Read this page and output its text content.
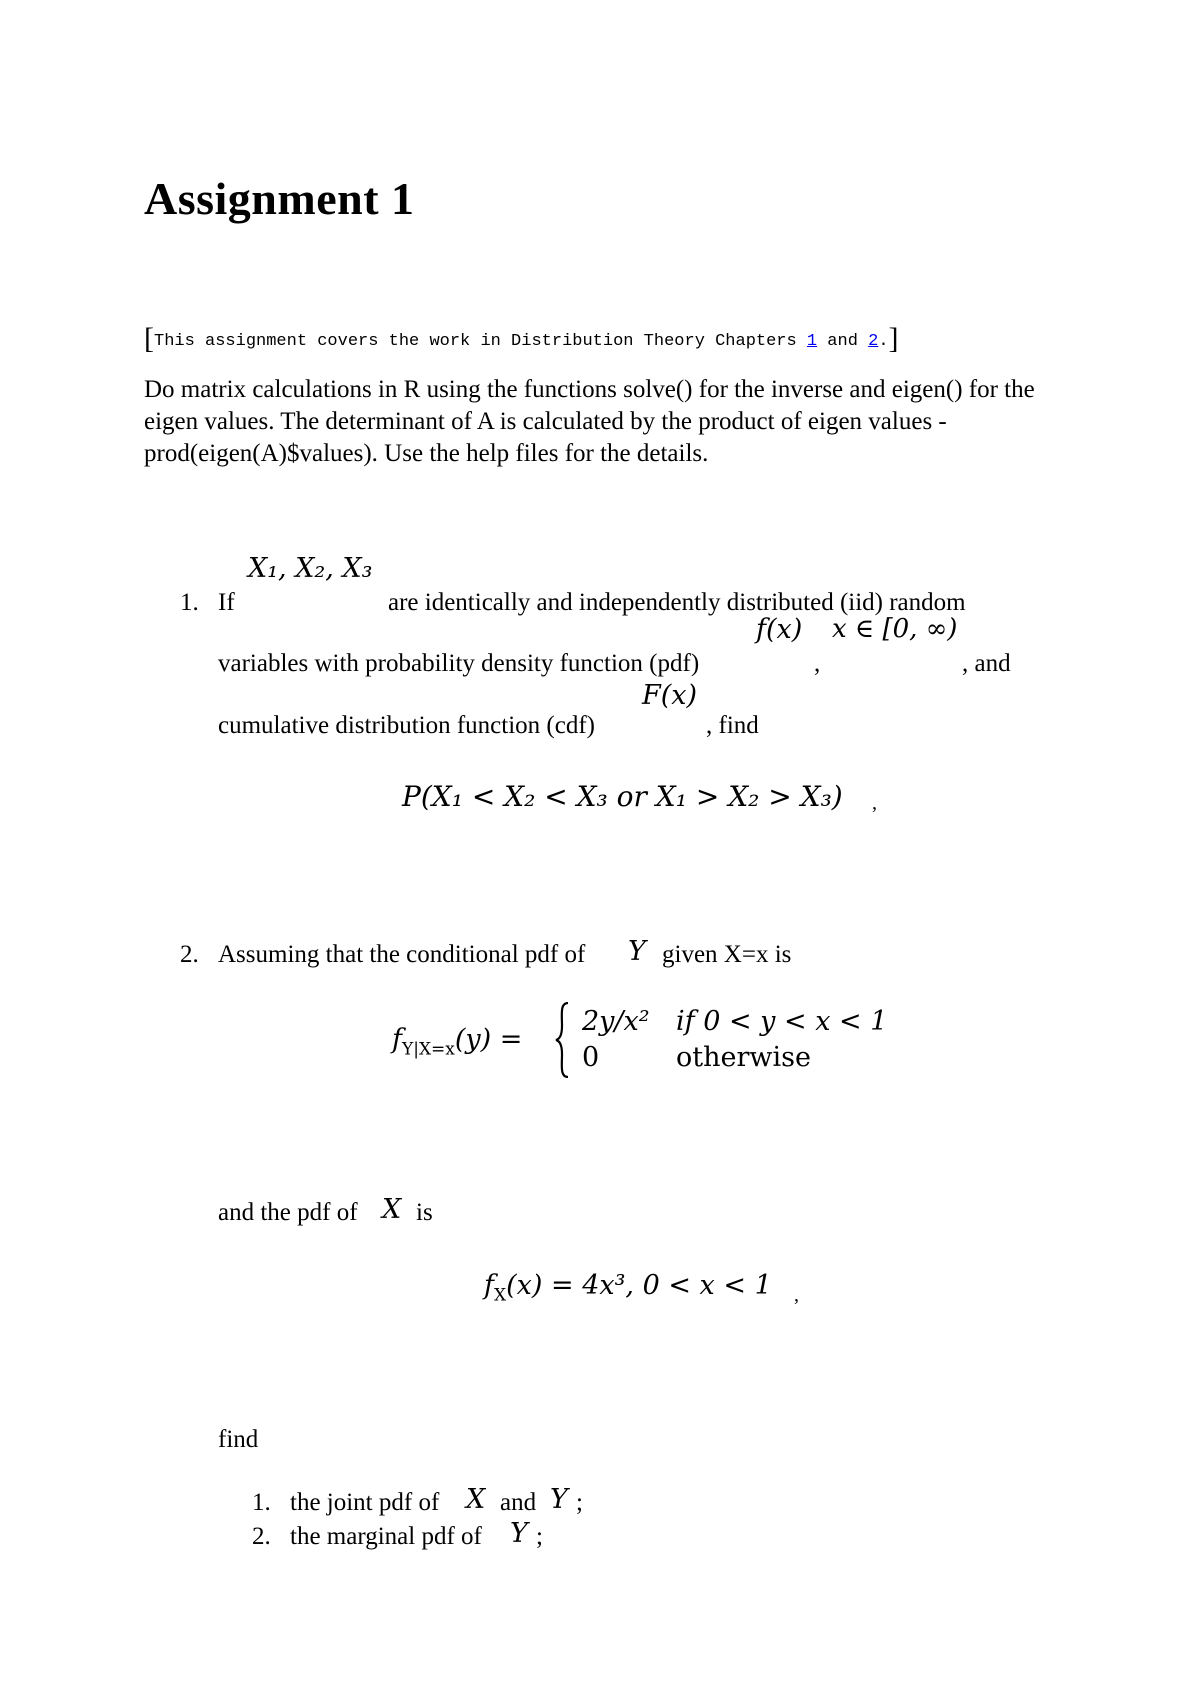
Assignment 1
[This assignment covers the work in Distribution Theory Chapters 1 and 2.]
Do matrix calculations in R using the functions solve() for the inverse and eigen() for the eigen values. The determinant of A is calculated by the product of eigen values - prod(eigen(A)$values). Use the help files for the details.
1. If
X₁, X₂, X₃
are identically and independently distributed (iid) random
f(x) x ∈ [0, ∞)
variables with probability density function (pdf)	,	, and
F(x)
cumulative distribution function (cdf)	, find
P(X₁ < X₂ < X₃ or X₁ > X₂ > X₃) ,
2. Assuming that the conditional pdf of Y given X=x is
$f_{Y|X=x}(y)$ =
2y/x² if 0 < y < x < 1
0	otherwise
and the pdf of X is
$f_X(x) = 4x^3$, 0 < x < 1 ,
find
1. the joint pdf of X and Y ;
2. the marginal pdf of Y ;
